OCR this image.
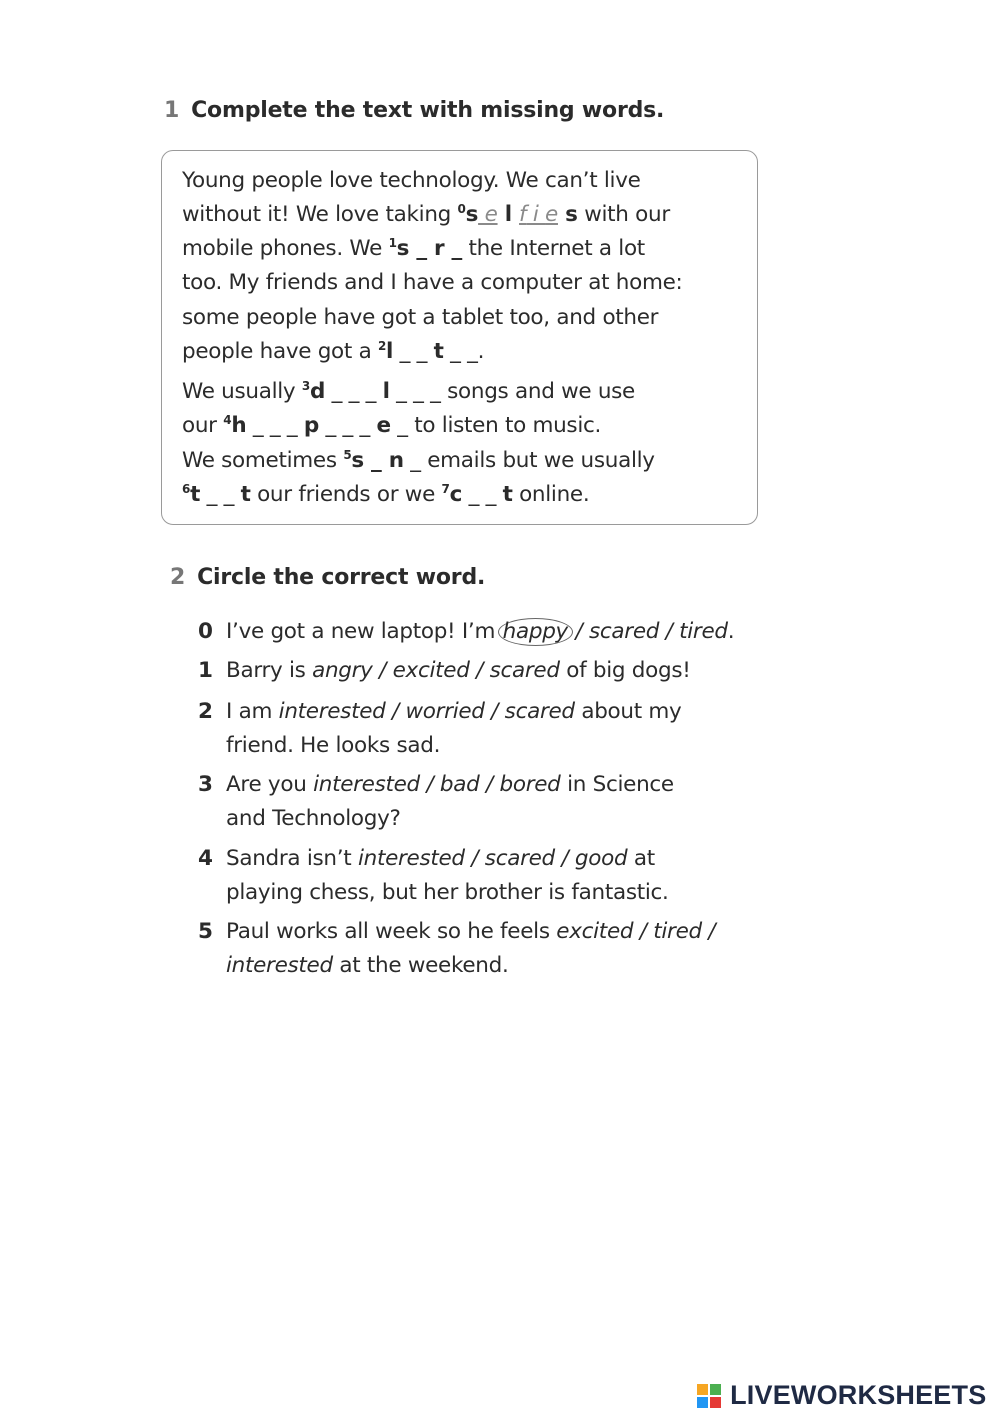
1 Complete the text with missing words.
Young people love technology. We can’t live
without it! We love taking $^0$s e l f i e s with our
mobile phones. We $^1$s _ r _ the Internet a lot
too. My friends and I have a computer at home:
some people have got a tablet too, and other
people have got a $^2$l _ _ t _ _.
We usually $^3$d _ _ _ l _ _ _ songs and we use
our $^4$h _ _ _ p _ _ _ e _ to listen to music.
We sometimes $^5$s _ n _ emails but we usually
$^6$t _ _ t our friends or we $^7$c _ _ t online.
2 Circle the correct word.
0 I’ve got a new laptop! I’m happy / scared / tired.
1 Barry is angry / excited / scared of big dogs!
2 I am interested / worried / scared about my
friend. He looks sad.
3 Are you interested / bad / bored in Science
and Technology?
4 Sandra isn’t interested / scared / good at
playing chess, but her brother is fantastic.
5 Paul works all week so he feels excited / tired /
interested at the weekend.
LIVEWORKSHEETS
